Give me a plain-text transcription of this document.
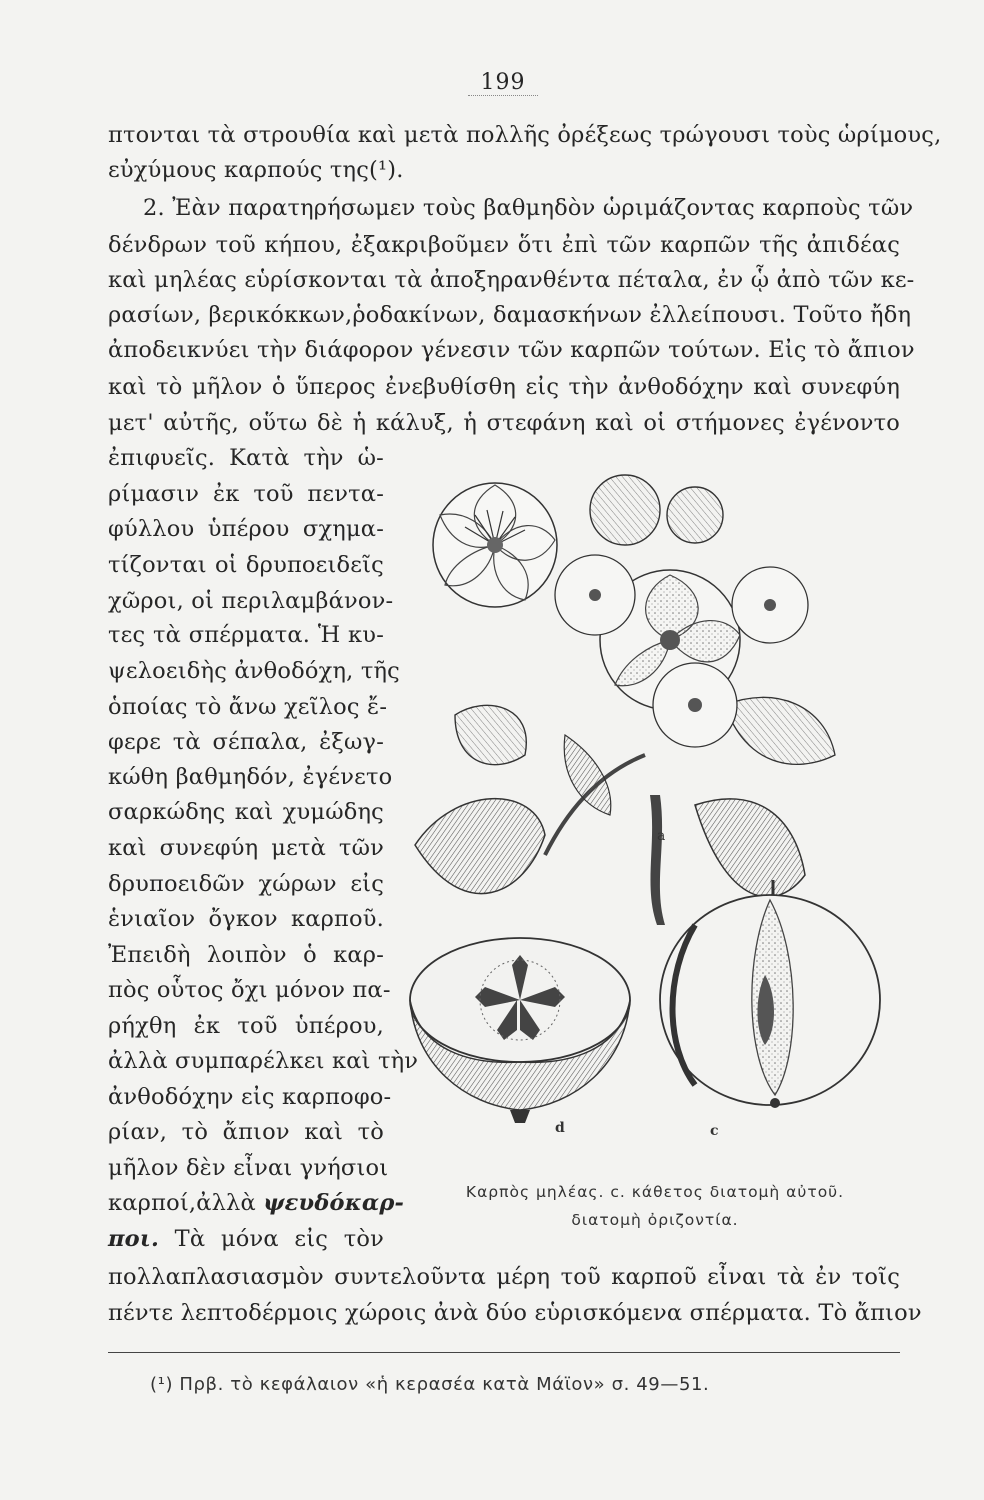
199
πτονται τὰ στρουθία καὶ μετὰ πολλῆς ὀρέξεως τρώγουσι τοὺς ὡρίμους,
εὐχύμους καρπούς της(¹).
2. Ἐὰν παρατηρήσωμεν τοὺς βαθμηδὸν ὡριμάζοντας καρποὺς τῶν
δένδρων τοῦ κήπου, ἐξακριβοῦμεν ὅτι ἐπὶ τῶν καρπῶν τῆς ἀπιδέας
καὶ μηλέας εὑρίσκονται τὰ ἀποξηρανθέντα πέταλα, ἐν ᾧ ἀπὸ τῶν κε-
ρασίων, βερικόκκων,ῥοδακίνων, δαμασκήνων ἐλλείπουσι. Τοῦτο ἤδη
ἀποδεικνύει τὴν διάφορον γένεσιν τῶν καρπῶν τούτων. Εἰς τὸ ἄπιον
καὶ τὸ μῆλον ὁ ὕπερος ἐνεβυθίσθη εἰς τὴν ἀνθοδόχην καὶ συνεφύη
μετ' αὐτῆς, οὕτω δὲ ἡ κάλυξ, ἡ στεφάνη καὶ οἱ στήμονες ἐγένοντο
ἐπιφυεῖς. Κατὰ τὴν ὡ-
ρίμασιν ἐκ τοῦ πεντα-
φύλλου ὑπέρου σχημα-
τίζονται οἱ δρυποειδεῖς
χῶροι, οἱ περιλαμβάνον-
τες τὰ σπέρματα. Ἡ κυ-
ψελοειδὴς ἀνθοδόχη, τῆς
ὁποίας τὸ ἄνω χεῖλος ἔ-
φερε τὰ σέπαλα, ἐξωγ-
κώθη βαθμηδόν, ἐγένετο
σαρκώδης καὶ χυμώδης
καὶ συνεφύη μετὰ τῶν
δρυποειδῶν χώρων εἰς
ἑνιαῖον ὄγκον καρποῦ.
Ἐπειδὴ λοιπὸν ὁ καρ-
πὸς οὗτος ὄχι μόνον πα-
ρήχθη ἐκ τοῦ ὑπέρου,
ἀλλὰ συμπαρέλκει καὶ τὴν
ἀνθοδόχην εἰς καρποφο-
ρίαν, τὸ ἄπιον καὶ τὸ
μῆλον δὲν εἶναι γνήσιοι
καρποί,ἀλλὰ ψευδόκαρ-
ποι. Τὰ μόνα εἰς τὸν
πολλαπλασιασμὸν συντελοῦντα μέρη τοῦ καρποῦ εἶναι τὰ ἐν τοῖς
πέντε λεπτοδέρμοις χώροις ἀνὰ δύο εὑρισκόμενα σπέρματα. Τὸ ἄπιον
a
d	c
Καρπὸς μηλέας. c. κάθετος διατομὴ αὐτοῦ.
διατομὴ ὀριζοντία.
(¹) Πρβ. τὸ κεφάλαιον «ἡ κερασέα κατὰ Μάϊον» σ. 49—51.
